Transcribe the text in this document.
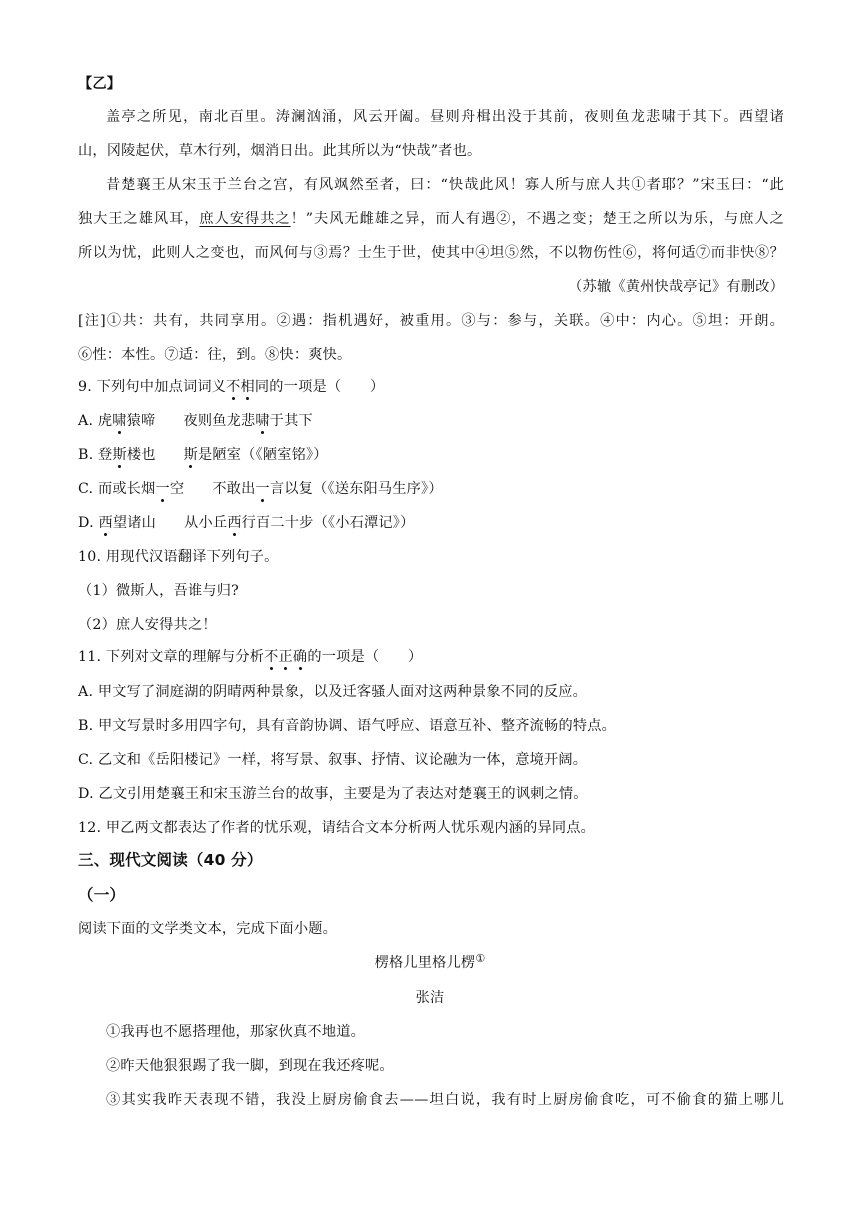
【乙】
盖亭之所见，南北百里。涛澜汹涌，风云开阖。昼则舟楫出没于其前，夜则鱼龙悲啸于其下。西望诸
山，冈陵起伏，草木行列，烟消日出。此其所以为“快哉”者也。
昔楚襄王从宋玉于兰台之宫，有风飒然至者，曰：“快哉此风！寡人所与庶人共①者耶？”宋玉曰：“此
独大王之雄风耳，庶人安得共之！”夫风无雌雄之异，而人有遇②，不遇之变；楚王之所以为乐，与庶人之
所以为忧，此则人之变也，而风何与③焉？士生于世，使其中④坦⑤然，不以物伤性⑥，将何适⑦而非快⑧？
（苏辙《黄州快哉亭记》有删改）
[注]①共：共有，共同享用。②遇：指机遇好，被重用。③与：参与，关联。④中：内心。⑤坦：开朗。
⑥性：本性。⑦适：往，到。⑧快：爽快。
9. 下列句中加点词词义不相同的一项是（　　）
A. 虎啸猿啼 夜则鱼龙悲啸于其下
B. 登斯楼也 斯是陋室（《陋室铭》）
C. 而或长烟一空 不敢出一言以复（《送东阳马生序》）
D. 西望诸山 从小丘西行百二十步（《小石潭记》）
10. 用现代汉语翻译下列句子。
（1）微斯人，吾谁与归?
（2）庶人安得共之！
11. 下列对文章的理解与分析不正确的一项是（　　）
A. 甲文写了洞庭湖的阴晴两种景象，以及迁客骚人面对这两种景象不同的反应。
B. 甲文写景时多用四字句，具有音韵协调、语气呼应、语意互补、整齐流畅的特点。
C. 乙文和《岳阳楼记》一样，将写景、叙事、抒情、议论融为一体，意境开阔。
D. 乙文引用楚襄王和宋玉游兰台的故事，主要是为了表达对楚襄王的讽刺之情。
12. 甲乙两文都表达了作者的忧乐观，请结合文本分析两人忧乐观内涵的异同点。
三、现代文阅读（40 分）
（一）
阅读下面的文学类文本，完成下面小题。
楞格儿里格儿楞①
张洁
①我再也不愿搭理他，那家伙真不地道。
②昨天他狠狠踢了我一脚，到现在我还疼呢。
③其实我昨天表现不错，我没上厨房偷食去——坦白说，我有时上厨房偷食吃，可不偷食的猫上哪儿
